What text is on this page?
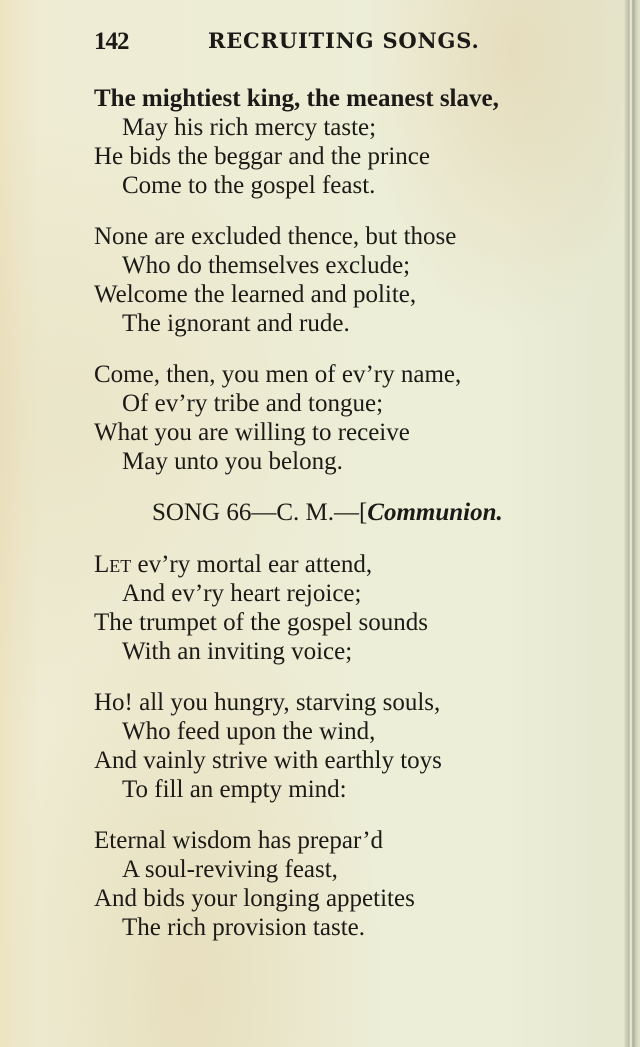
142	RECRUITING SONGS.
The mightiest king, the meanest slave,
May his rich mercy taste;
He bids the beggar and the prince
Come to the gospel feast.
None are excluded thence, but those
Who do themselves exclude;
Welcome the learned and polite,
The ignorant and rude.
Come, then, you men of ev’ry name,
Of ev’ry tribe and tongue;
What you are willing to receive
May unto you belong.
SONG 66—C. M.—[Communion.
Let ev’ry mortal ear attend,
And ev’ry heart rejoice;
The trumpet of the gospel sounds
With an inviting voice;
Ho! all you hungry, starving souls,
Who feed upon the wind,
And vainly strive with earthly toys
To fill an empty mind:
Eternal wisdom has prepar’d
A soul-reviving feast,
And bids your longing appetites
The rich provision taste.
